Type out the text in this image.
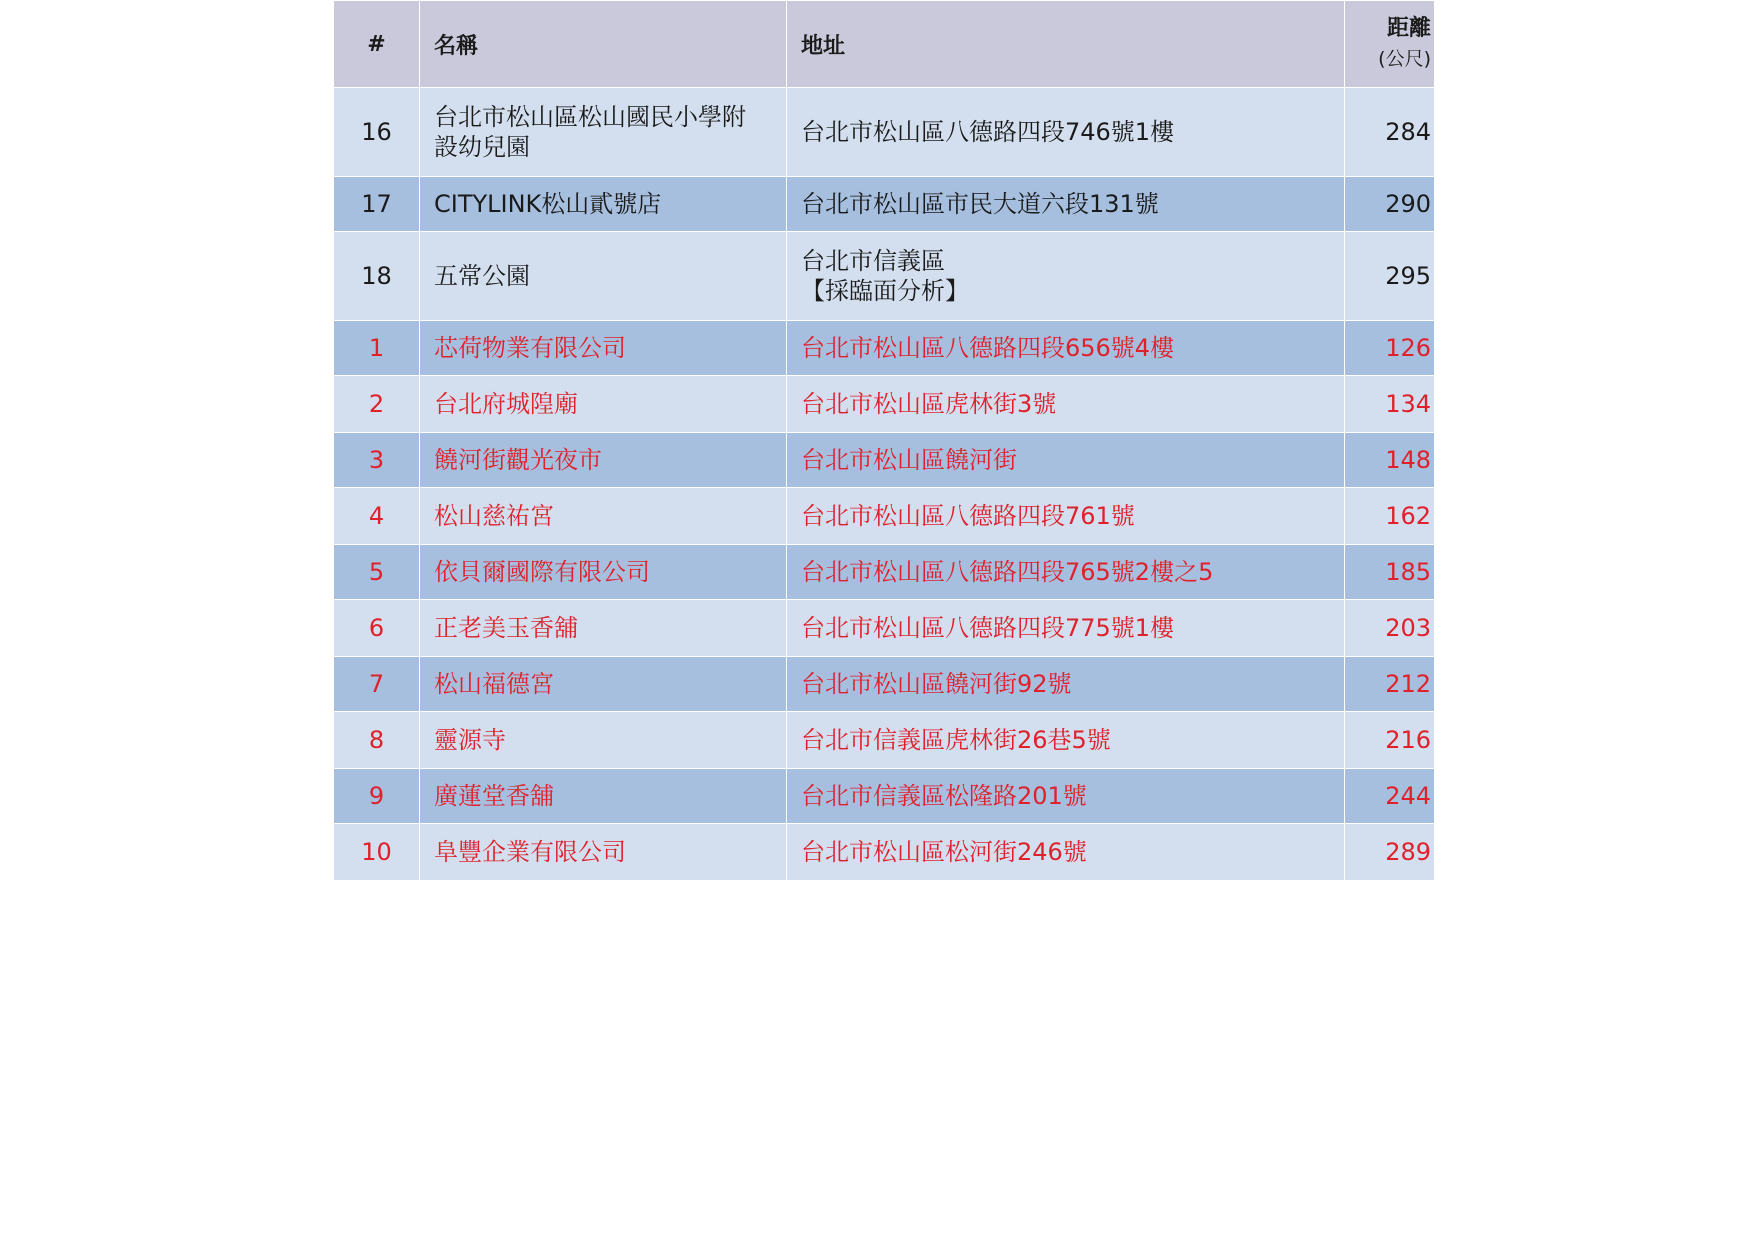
#	名稱	地址	距離
(公尺)

16	台北市松山區松山國民小學附
設幼兒園	台北市松山區八德路四段746號1樓	284
17	CITYLINK松山貳號店	台北市松山區市民大道六段131號	290
18	五常公園	台北市信義區
【採臨面分析】	295
1	芯荷物業有限公司	台北市松山區八德路四段656號4樓	126
2	台北府城隍廟	台北市松山區虎林街3號	134
3	饒河街觀光夜市	台北市松山區饒河街	148
4	松山慈祐宮	台北市松山區八德路四段761號	162
5	依貝爾國際有限公司	台北市松山區八德路四段765號2樓之5	185
6	正老美玉香舖	台北市松山區八德路四段775號1樓	203
7	松山福德宮	台北市松山區饒河街92號	212
8	靈源寺	台北市信義區虎林街26巷5號	216
9	廣蓮堂香舖	台北市信義區松隆路201號	244
10	阜豐企業有限公司	台北市松山區松河街246號	289
